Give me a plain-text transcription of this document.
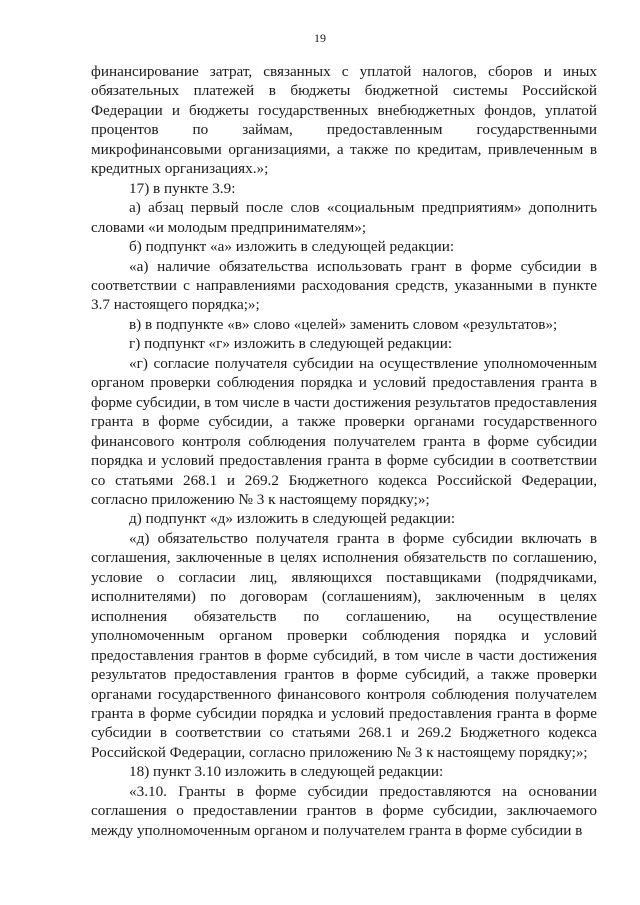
19

финансирование затрат, связанных с уплатой налогов, сборов и иных обязательных платежей в бюджеты бюджетной системы Российской Федерации и бюджеты государственных внебюджетных фондов, уплатой процентов по займам, предоставленным государственными микрофинансовыми организациями, а также по кредитам, привлеченным в кредитных организациях.»;

17) в пункте 3.9:

а) абзац первый после слов «социальным предприятиям» дополнить словами «и молодым предпринимателям»;

б) подпункт «а» изложить в следующей редакции:

«а) наличие обязательства использовать грант в форме субсидии в соответствии с направлениями расходования средств, указанными в пункте 3.7 настоящего порядка;»;

в) в подпункте «в» слово «целей» заменить словом «результатов»;

г) подпункт «г» изложить в следующей редакции:

«г) согласие получателя субсидии на осуществление уполномоченным органом проверки соблюдения порядка и условий предоставления гранта в форме субсидии, в том числе в части достижения результатов предоставления гранта в форме субсидии, а также проверки органами государственного финансового контроля соблюдения получателем гранта в форме субсидии порядка и условий предоставления гранта в форме субсидии в соответствии со статьями 268.1 и 269.2 Бюджетного кодекса Российской Федерации, согласно приложению № 3 к настоящему порядку;»;

д) подпункт «д» изложить в следующей редакции:

«д) обязательство получателя гранта в форме субсидии включать в соглашения, заключенные в целях исполнения обязательств по соглашению, условие о согласии лиц, являющихся поставщиками (подрядчиками, исполнителями) по договорам (соглашениям), заключенным в целях исполнения обязательств по соглашению, на осуществление уполномоченным органом проверки соблюдения порядка и условий предоставления грантов в форме субсидий, в том числе в части достижения результатов предоставления грантов в форме субсидий, а также проверки органами государственного финансового контроля соблюдения получателем гранта в форме субсидии порядка и условий предоставления гранта в форме субсидии в соответствии со статьями 268.1 и 269.2 Бюджетного кодекса Российской Федерации, согласно приложению № 3 к настоящему порядку;»;

18) пункт 3.10 изложить в следующей редакции:

«3.10. Гранты в форме субсидии предоставляются на основании соглашения о предоставлении грантов в форме субсидии, заключаемого между уполномоченным органом и получателем гранта в форме субсидии в
